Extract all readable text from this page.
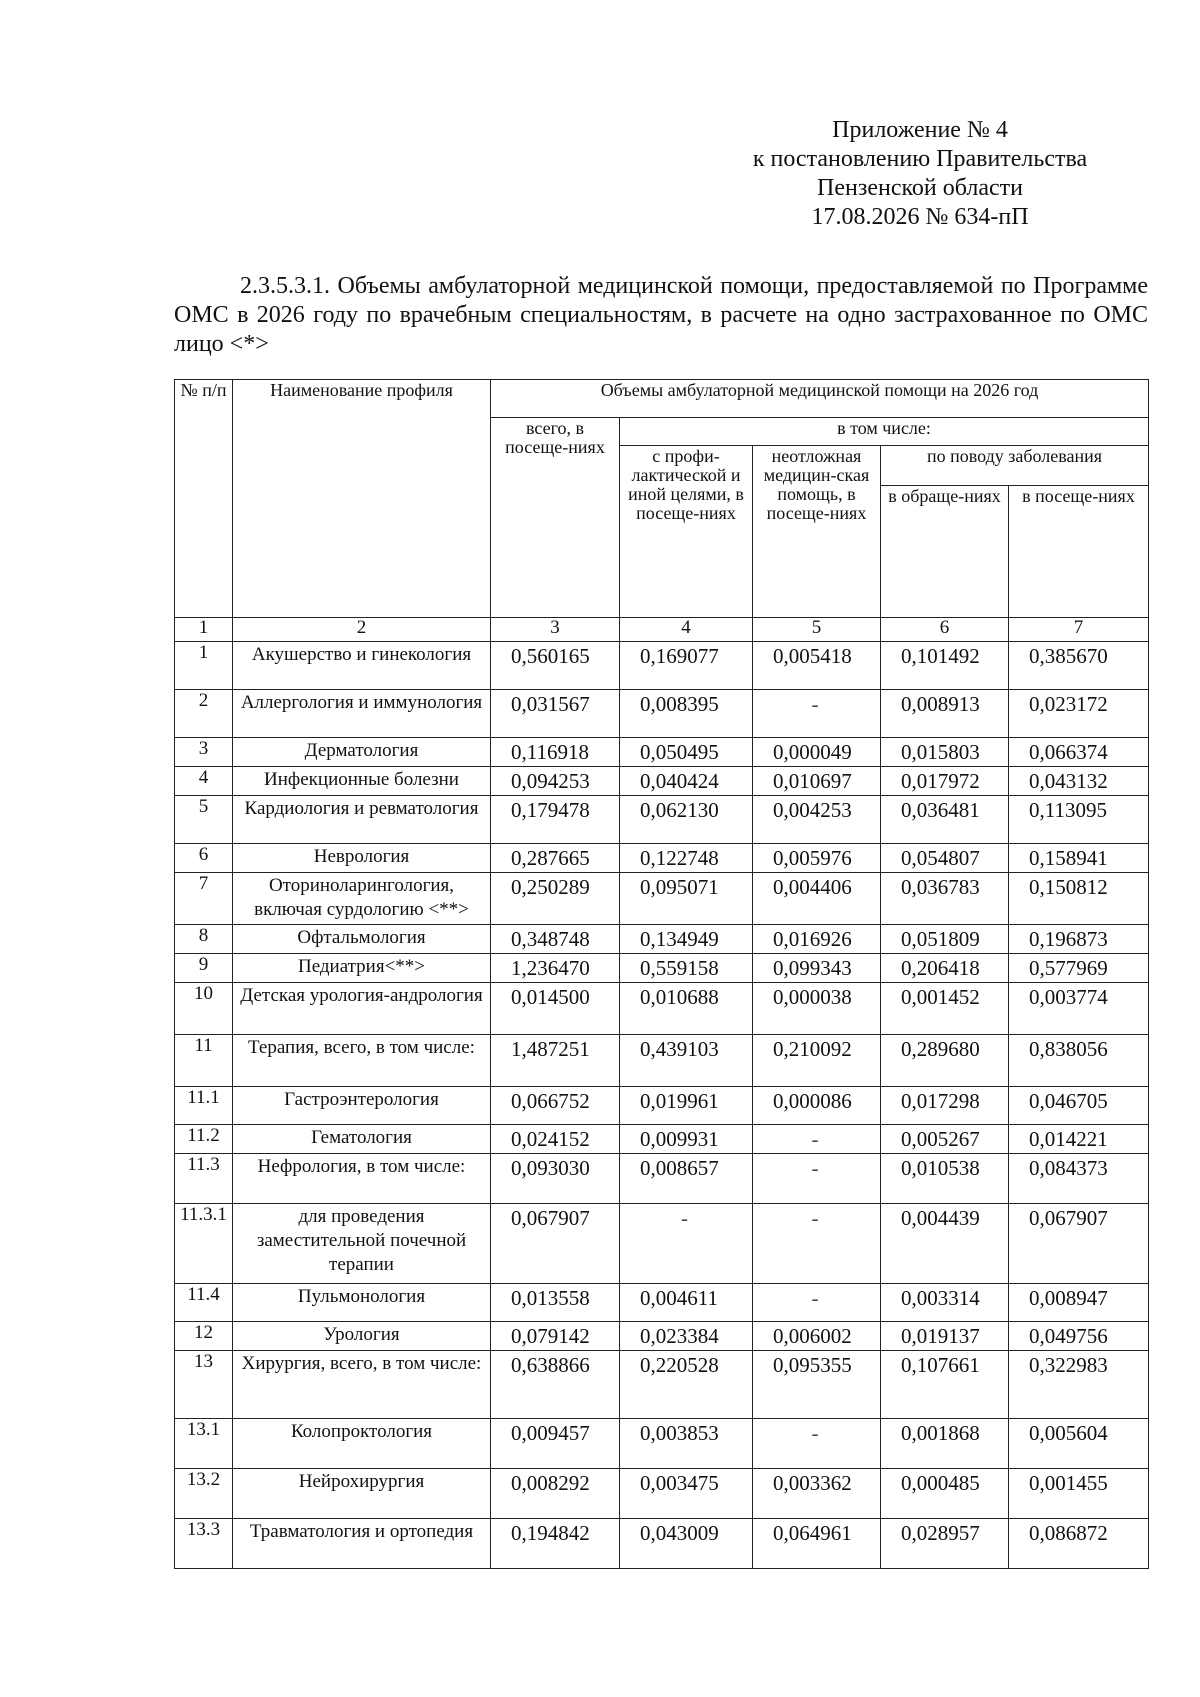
Приложение № 4
к постановлению Правительства
Пензенской области
17.08.2026 № 634-пП
2.3.5.3.1. Объемы амбулаторной медицинской помощи, предоставляемой по Программе ОМС в 2026 году по врачебным специальностям, в расчете на одно застрахованное по ОМС лицо <*>
№ п/п	Наименование профиля	Объемы амбулаторной медицинской помощи на 2026 год				
		всего, в посеще-ниях	в том числе:			
			с профи-лактической и иной целями, в посеще-ниях	неотложная медицин-ская помощь, в посеще-ниях	по поводу заболевания	
					в обраще-ниях	в посеще-ниях
1	2	3	4	5	6	7
1	Акушерство и гинекология	0,560165	0,169077	0,005418	0,101492	0,385670
2	Аллергология и иммунология	0,031567	0,008395	-	0,008913	0,023172
3	Дерматология	0,116918	0,050495	0,000049	0,015803	0,066374
4	Инфекционные болезни	0,094253	0,040424	0,010697	0,017972	0,043132
5	Кардиология и ревматология	0,179478	0,062130	0,004253	0,036481	0,113095
6	Неврология	0,287665	0,122748	0,005976	0,054807	0,158941
7	Оториноларингология, включая сурдологию <**>	0,250289	0,095071	0,004406	0,036783	0,150812
8	Офтальмология	0,348748	0,134949	0,016926	0,051809	0,196873
9	Педиатрия<**>	1,236470	0,559158	0,099343	0,206418	0,577969
10	Детская урология-андрология	0,014500	0,010688	0,000038	0,001452	0,003774
11	Терапия, всего, в том числе:	1,487251	0,439103	0,210092	0,289680	0,838056
11.1	Гастроэнтерология	0,066752	0,019961	0,000086	0,017298	0,046705
11.2	Гематология	0,024152	0,009931	-	0,005267	0,014221
11.3	Нефрология, в том числе:	0,093030	0,008657	-	0,010538	0,084373
11.3.1	для проведения заместительной почечной терапии	0,067907	-	-	0,004439	0,067907
11.4	Пульмонология	0,013558	0,004611	-	0,003314	0,008947
12	Урология	0,079142	0,023384	0,006002	0,019137	0,049756
13	Хирургия, всего, в том числе:	0,638866	0,220528	0,095355	0,107661	0,322983
13.1	Колопроктология	0,009457	0,003853	-	0,001868	0,005604
13.2	Нейрохирургия	0,008292	0,003475	0,003362	0,000485	0,001455
13.3	Травматология и ортопедия	0,194842	0,043009	0,064961	0,028957	0,086872
